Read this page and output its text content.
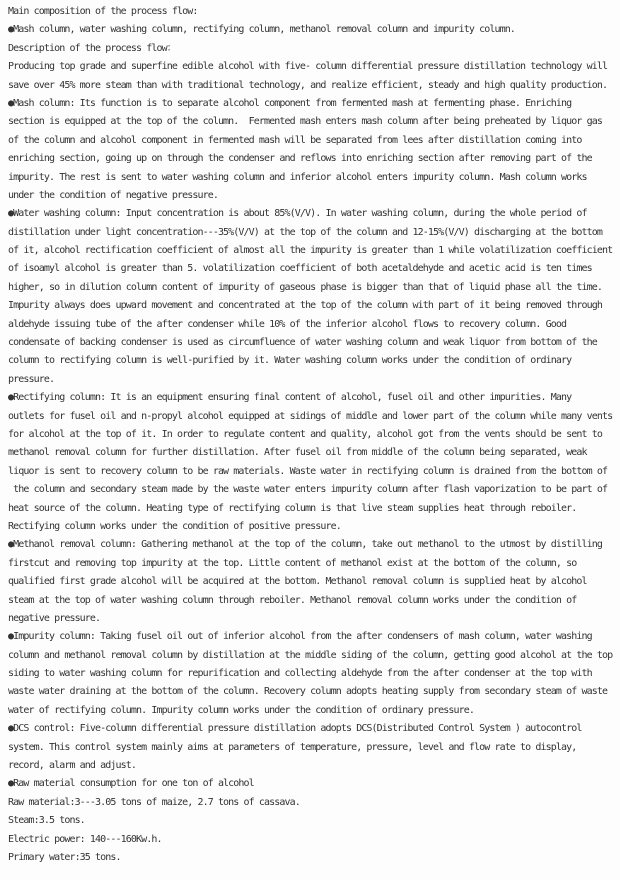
Main composition of the process flow:
●Mash column, water washing column, rectifying column, methanol removal column and impurity column.
Description of the process flow：
Producing top grade and superfine edible alcohol with five- column differential pressure distillation technology will
save over 45% more steam than with traditional technology, and realize efficient, steady and high quality production.
●Mash column: Its function is to separate alcohol component from fermented mash at fermenting phase. Enriching
section is equipped at the top of the column.  Fermented mash enters mash column after being preheated by liquor gas
of the column and alcohol component in fermented mash will be separated from lees after distillation coming into
enriching section, going up on through the condenser and reflows into enriching section after removing part of the
impurity. The rest is sent to water washing column and inferior alcohol enters impurity column. Mash column works
under the condition of negative pressure.
●Water washing column: Input concentration is about 85%(V/V). In water washing column, during the whole period of
distillation under light concentration---35%(V/V) at the top of the column and 12-15%(V/V) discharging at the bottom
of it, alcohol rectification coefficient of almost all the impurity is greater than 1 while volatilization coefficient
of isoamyl alcohol is greater than 5. volatilization coefficient of both acetaldehyde and acetic acid is ten times
higher, so in dilution column content of impurity of gaseous phase is bigger than that of liquid phase all the time.
Impurity always does upward movement and concentrated at the top of the column with part of it being removed through
aldehyde issuing tube of the after condenser while 10% of the inferior alcohol flows to recovery column. Good
condensate of backing condenser is used as circumfluence of water washing column and weak liquor from bottom of the
column to rectifying column is well-purified by it. Water washing column works under the condition of ordinary
pressure.
●Rectifying column: It is an equipment ensuring final content of alcohol, fusel oil and other impurities. Many
outlets for fusel oil and n-propyl alcohol equipped at sidings of middle and lower part of the column while many vents
for alcohol at the top of it. In order to regulate content and quality, alcohol got from the vents should be sent to
methanol removal column for further distillation. After fusel oil from middle of the column being separated, weak
liquor is sent to recovery column to be raw materials. Waste water in rectifying column is drained from the bottom of
the column and secondary steam made by the waste water enters impurity column after flash vaporization to be part of
heat source of the column. Heating type of rectifying column is that live steam supplies heat through reboiler.
Rectifying column works under the condition of positive pressure.
●Methanol removal column: Gathering methanol at the top of the column, take out methanol to the utmost by distilling
firstcut and removing top impurity at the top. Little content of methanol exist at the bottom of the column, so
qualified first grade alcohol will be acquired at the bottom. Methanol removal column is supplied heat by alcohol
steam at the top of water washing column through reboiler. Methanol removal column works under the condition of
negative pressure.
●Impurity column: Taking fusel oil out of inferior alcohol from the after condensers of mash column, water washing
column and methanol removal column by distillation at the middle siding of the column, getting good alcohol at the top
siding to water washing column for repurification and collecting aldehyde from the after condenser at the top with
waste water draining at the bottom of the column. Recovery column adopts heating supply from secondary steam of waste
water of rectifying column. Impurity column works under the condition of ordinary pressure.
●DCS control: Five-column differential pressure distillation adopts DCS(Distributed Control System ) autocontrol
system. This control system mainly aims at parameters of temperature, pressure, level and flow rate to display,
record, alarm and adjust.
●Raw material consumption for one ton of alcohol
Raw material:3---3.05 tons of maize, 2.7 tons of cassava.
Steam:3.5 tons.
Electric power: 140---160Kw.h.
Primary water:35 tons.
